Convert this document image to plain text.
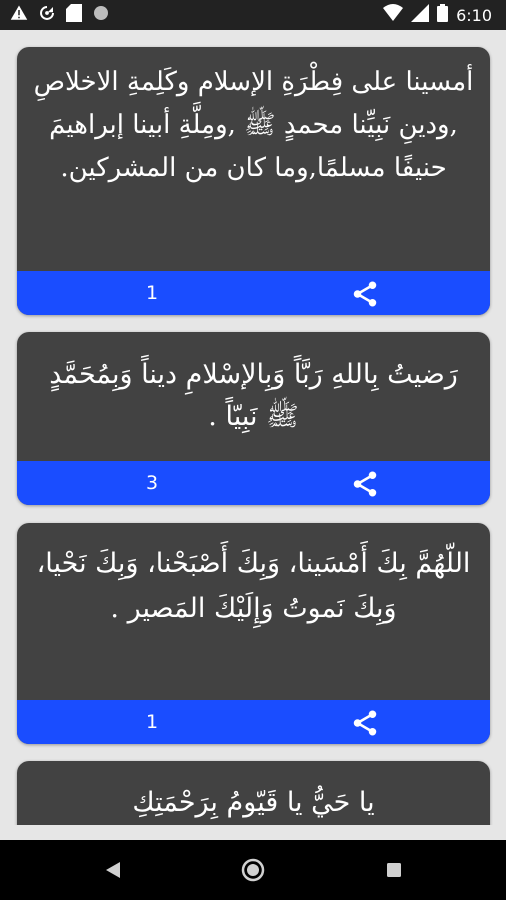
6:10
أمسينا على فِطْرَةِ الإسلام وكَلِمةِ الاخلاصِ ,ودينِ نَبِيِّنا محمدٍ ﷺ ,ومِلَّةِ أبينا إبراهيمَ حنيفًا مسلمًا,وما كان من المشركين.
1
رَضيتُ بِاللهِ رَبَّاً وَبِالإسْلامِ ديناً وَبِمُحَمَّدٍ ﷺ نَبِيّاً .
3
اللّهُمَّ بِكَ أَمْسَينا، وَبِكَ أَصْبَحْنا، وَبِكَ نَحْيا، وَبِكَ نَموتُ وَإِلَيْكَ المَصير .
1
يا حَيُّ يا قَيّومُ بِرَحْمَتِكِ
